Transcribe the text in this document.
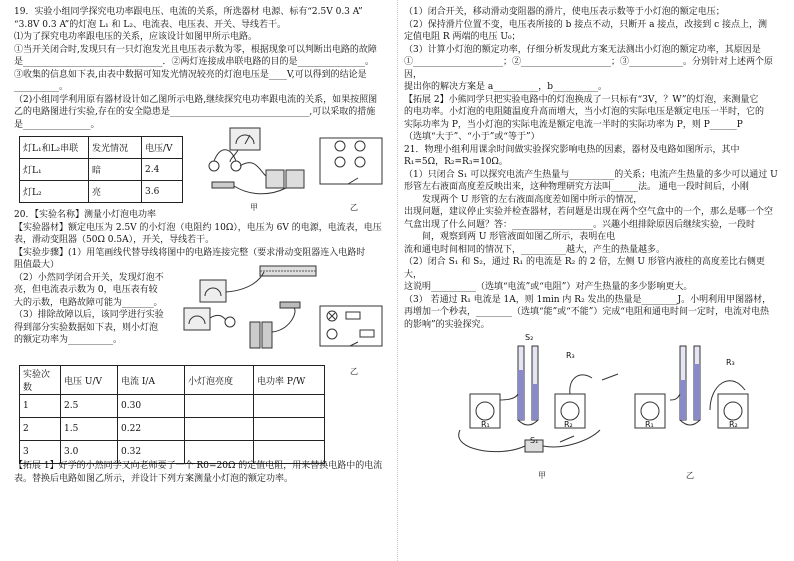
19．实验小组同学探究电功率跟电压、电流的关系，所选器材 电源、标有“2.5V 0.3 A”
“3.8V 0.3 A”的灯泡 L₁ 和 L₂、电流表、电压表、开关、导线若干。
⑴为了探究电功率跟电压的关系，应该设计如图甲所示电路。
①当开关闭合时,发现只有一只灯泡发光且电压表示数为零，根据现象可以判断出电路的故障
是_______________________________．②两灯连接成串联电路的目的是_______________。
③收集的信息如下表,由表中数据可知发光情况较亮的灯泡电压是____V,可以得到的结论是__________。
（2)小组同学利用原有器材设计如乙图所示电路,继续探究电功率跟电流的关系，如果按照图
乙的电路图进行实验,存在的安全隐患是_______________________________,可以采取的措施
是_______________。
灯L₁和L₂串联	发光情况	电压/V
灯L₁	暗	2.4
灯L₂	亮	3.6
甲	乙
20．【实验名称】测量小灯泡电功率
【实验器材】额定电压为 2.5V 的小灯泡（电阻约 10Ω），电压为 6V 的电源，电流表，电压
表，滑动变阻器（50Ω 0.5A），开关，导线若干。
【实验步骤】(1）用笔画线代替导线将图中的电路连接完整（要求滑动变阻器连入电路时
阻值最大）
（2）小然同学闭合开关，发现灯泡不
亮，但电流表示数为 0，电压表有较
大的示数，电路故障可能为_______。
（3）排除故障以后，该同学进行实验
得到部分实验数据如下表，则小灯泡
的额定功率为__________。
乙
实验次数	电压 U/V	电流 I/A	小灯泡亮度	电功率 P/W
1	2.5	0.30		
2	1.5	0.22		
3	3.0	0.32		
【拓展 1】好学的小然同学又向老师要了一个 R0=20Ω 的定值电阻，用来替换电路中的电流
表。替换后电路如图乙所示，并设计下列方案测量小灯泡的额定功率。
（1）闭合开关，移动滑动变阻器的滑片，使电压表示数等于小灯泡的额定电压；
（2）保持滑片位置不变，电压表所接的 b 接点不动，只断开 a 接点，改接到 c 接点上，测
定值电阻 R 两端的电压 U₀；
（3）计算小灯泡的额定功率，仔细分析发现此方案无法测出小灯泡的额定功率，其原因是
①____________________；②____________________；③____________。分别针对上述两个原因，
提出你的解决方案是 a__________，b__________。
【拓展 2】小熊同学只把实验电路中的灯泡换成了一只标有“3V，？W”的灯泡，来测量它
的电功率。小灯泡的电阻随温度升高而增大，当小灯泡的实际电压是额定电压一半时，它的
实际功率为 P，当小灯泡的实际电流是额定电流一半时的实际功率为 P，则 P______P
（选填“大于”、“小于”或“等于”）
21．物理小组利用课余时间做实验探究影响电热的因素，器材及电路如图所示，其中
R₁=5Ω，R₂=R₃=10Ω。
（1）只闭合 S₁ 可以探究电流产生热量与__________的关系；电流产生热量的多少可以通过 U
形管左右液面高度差反映出来，这种物理研究方法叫______法。 通电一段时间后，小刚
发现两个 U 形管的左右液面高度差如图中所示的情况，
出现问题，建议停止实验并检查器材，若问题是出现在两个空气盒中的一个，那么是哪一个空
气盒出现了什么问题？答：__________________。兴趣小组排除原因后继续实验，一段时
间，观察到两 U 形管液面如图乙所示，表明在电
流和通电时间相同的情况下，__________越大，产生的热量越多。
（2）闭合 S₁ 和 S₂，通过 R₁ 的电流是 R₂ 的 2 倍，左侧 U 形管内液柱的高度差比右侧更大，
这说明__________（选填“电流”或“电阻”）对产生热量的多少影响更大。
（3） 若通过 R₁ 电流是 1A，则 1min 内 R₂ 发出的热量是________J。小明利用甲图器材，
再增加一个秒表，________（选填“能”或“不能”）完成“电阻和通电时间一定时，电流对电热
的影响”的实验探究。
S₂
R₃
R₁	R₂
S₁
R₃
R₁	R₂
甲	乙
